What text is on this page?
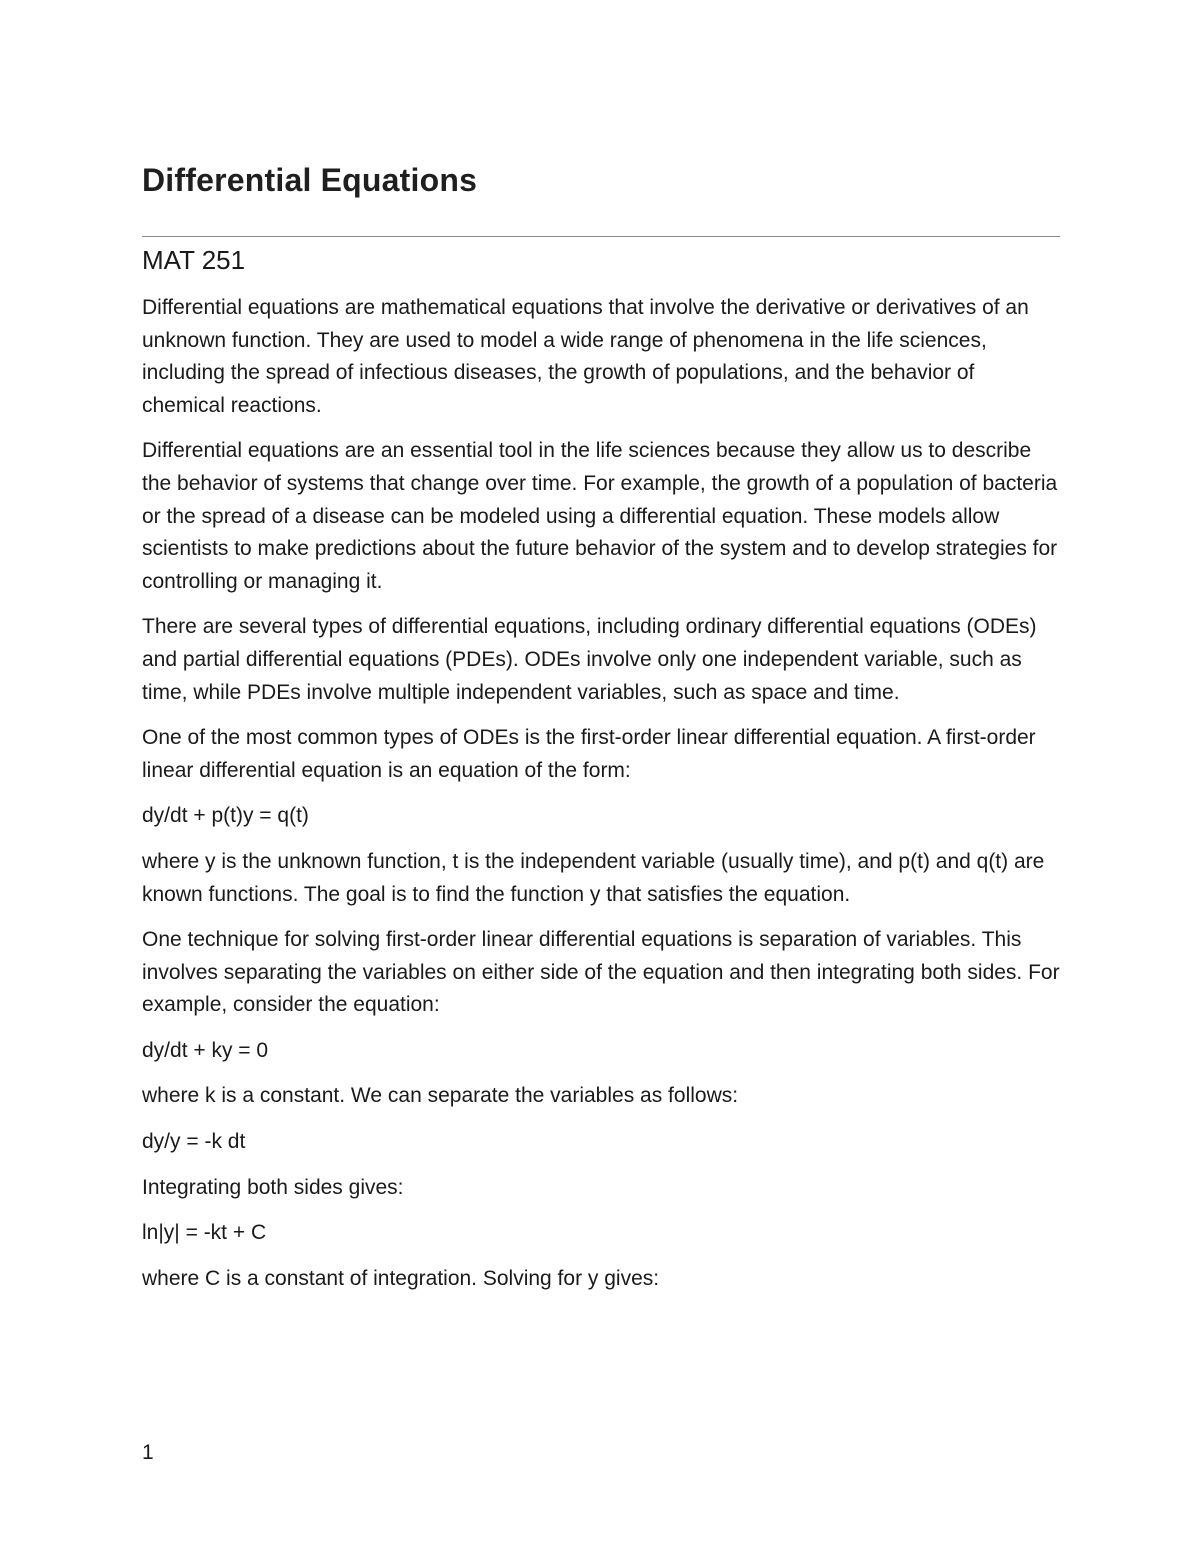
Differential Equations
MAT 251

Differential equations are mathematical equations that involve the derivative or derivatives of an unknown function. They are used to model a wide range of phenomena in the life sciences, including the spread of infectious diseases, the growth of populations, and the behavior of chemical reactions.

Differential equations are an essential tool in the life sciences because they allow us to describe the behavior of systems that change over time. For example, the growth of a population of bacteria or the spread of a disease can be modeled using a differential equation. These models allow scientists to make predictions about the future behavior of the system and to develop strategies for controlling or managing it.

There are several types of differential equations, including ordinary differential equations (ODEs) and partial differential equations (PDEs). ODEs involve only one independent variable, such as time, while PDEs involve multiple independent variables, such as space and time.

One of the most common types of ODEs is the first-order linear differential equation. A first-order linear differential equation is an equation of the form:

dy/dt + p(t)y = q(t)

where y is the unknown function, t is the independent variable (usually time), and p(t) and q(t) are known functions. The goal is to find the function y that satisfies the equation.

One technique for solving first-order linear differential equations is separation of variables. This involves separating the variables on either side of the equation and then integrating both sides. For example, consider the equation:

dy/dt + ky = 0

where k is a constant. We can separate the variables as follows:

dy/y = -k dt

Integrating both sides gives:

ln|y| = -kt + C

where C is a constant of integration. Solving for y gives:

1
